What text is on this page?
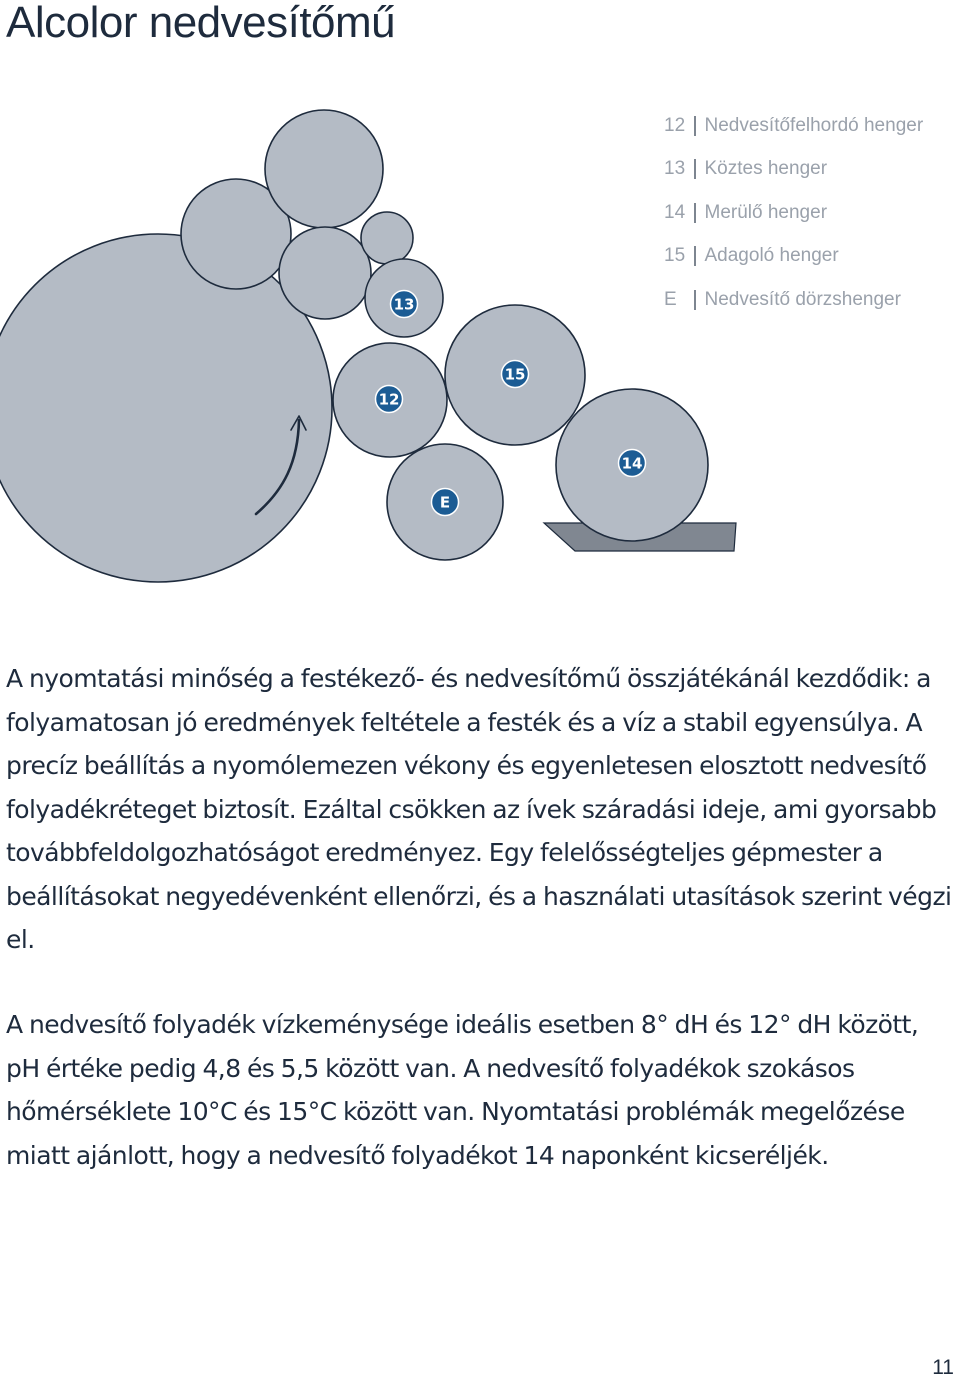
Alcolor nedvesítőmű
12 Nedvesítőfelhordó henger
13 Köztes henger
14 Merülő henger
15 Adagoló henger
E	Nedvesítő dörzshenger
13
12
15
14
E

A nyomtatási minőség a festékező- és nedvesítőmű összjátékánál kezdődik: a folyamatosan jó eredmények feltétele a festék és a víz a stabil egyensúlya. A precíz beállítás a nyomólemezen vékony és egyenletesen elosztott nedvesítő folyadékréteget biztosít. Ezáltal csökken az ívek száradási ideje, ami gyorsabb továbbfeldolgozhatóságot eredményez. Egy felelősségteljes gépmester a beállításokat negyedévenként ellenőrzi, és a használati utasítások szerint végzi el.

A nedvesítő folyadék vízkeménysége ideális esetben 8° dH és 12° dH között, pH értéke pedig 4,8 és 5,5 között van. A nedvesítő folyadékok szokásos hőmérséklete 10°C és 15°C között van. Nyomtatási problémák megelőzése miatt ajánlott, hogy a nedvesítő folyadékot 14 naponként kicseréljék.

11
